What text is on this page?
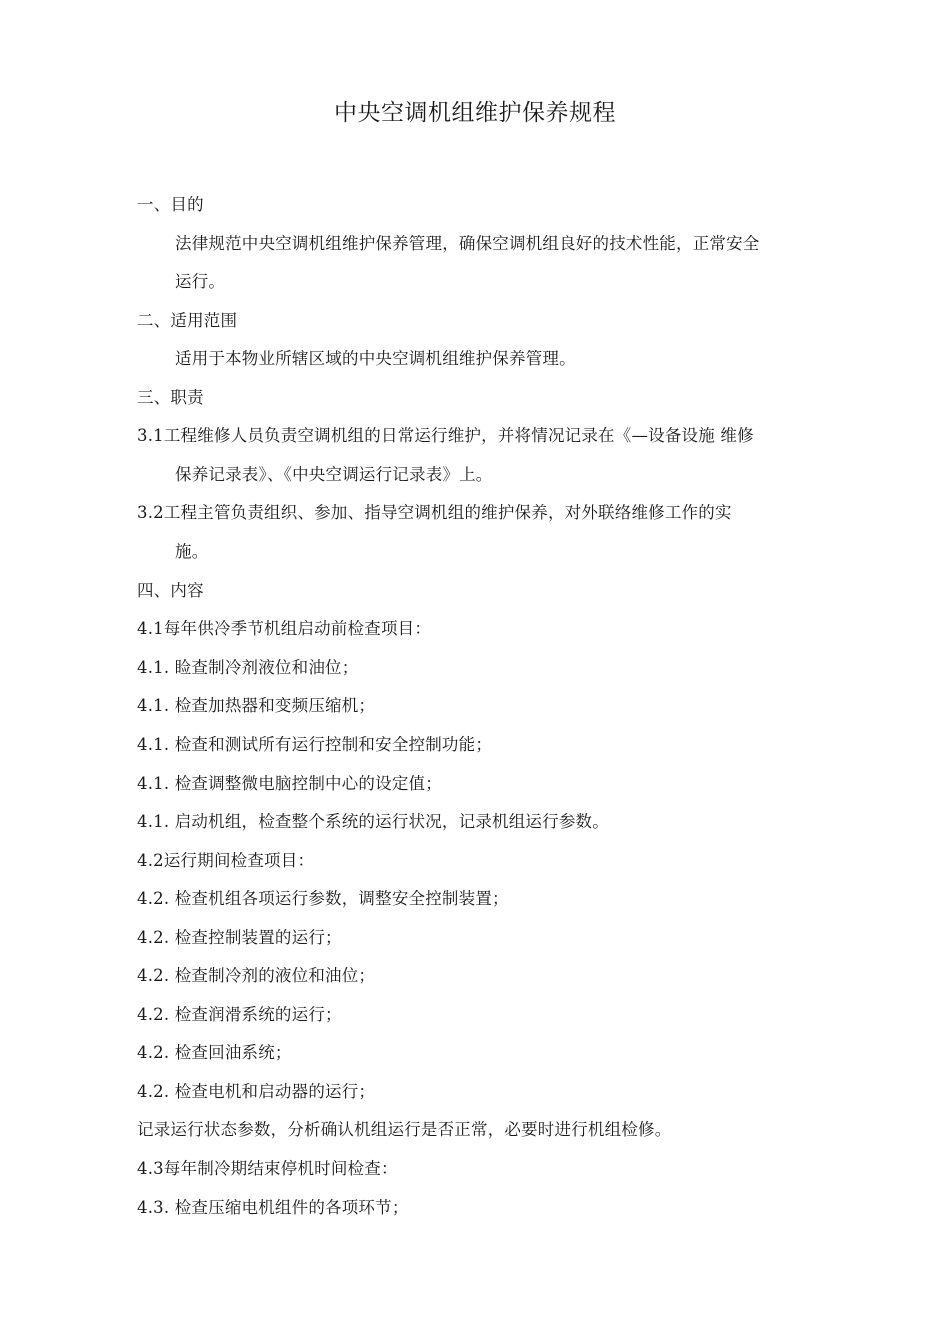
中央空调机组维护保养规程
一、目的
法律规范中央空调机组维护保养管理，确保空调机组良好的技术性能，正常安全
运行。
二、适用范围
适用于本物业所辖区域的中央空调机组维护保养管理。
三、职责
3.1工程维修人员负责空调机组的日常运行维护，并将情况记录在《—设备设施 维修
保养记录表》、《中央空调运行记录表》上。
3.2工程主管负责组织、参加、指导空调机组的维护保养，对外联络维修工作的实
施。
四、内容
4.1每年供冷季节机组启动前检查项目：
4.1. 睑查制冷剂液位和油位；
4.1. 检查加热器和变频压缩机；
4.1. 检查和测试所有运行控制和安全控制功能；
4.1. 检查调整微电脑控制中心的设定值；
4.1. 启动机组，检查整个系统的运行状况，记录机组运行参数。
4.2运行期间检查项目：
4.2. 检查机组各项运行参数，调整安全控制装置；
4.2. 检查控制装置的运行；
4.2. 检查制冷剂的液位和油位；
4.2. 检查润滑系统的运行；
4.2. 检查回油系统；
4.2. 检查电机和启动器的运行；
记录运行状态参数，分析确认机组运行是否正常，必要时进行机组检修。
4.3每年制冷期结束停机时间检查：
4.3. 检查压缩电机组件的各项环节；
